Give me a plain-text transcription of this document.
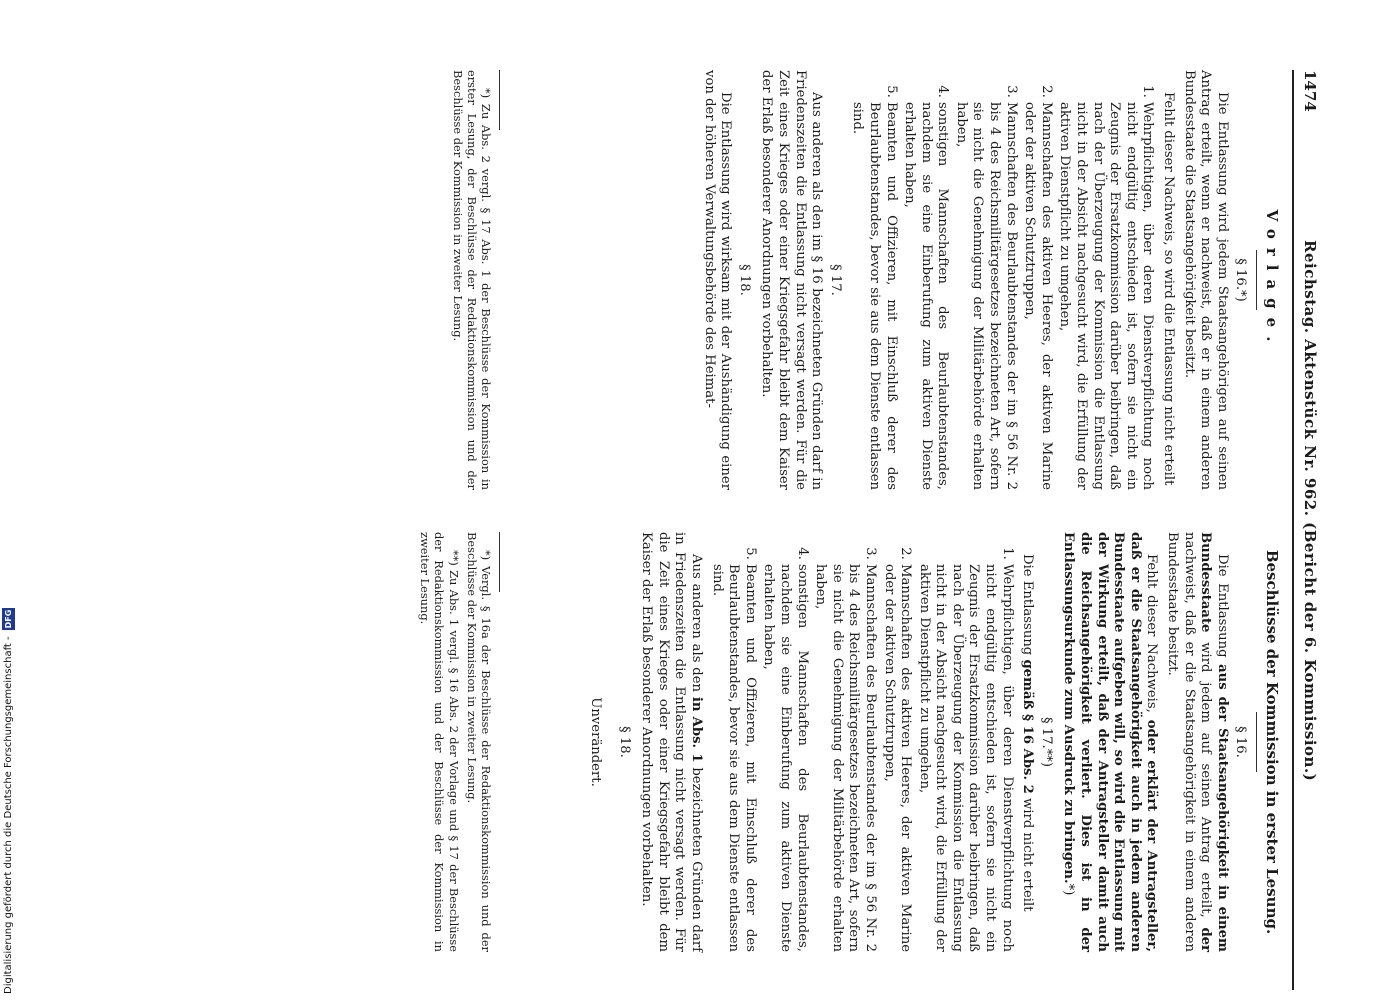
1474
Reichstag. Aktenstück Nr. 962. (Bericht der 6. Kommission.)
Vorlage.
§ 16.*)

Die Entlassung wird jedem Staatsangehörigen auf seinen Antrag erteilt, wenn er nachweist, daß er in einem anderen Bundesstaate die Staatsangehörigkeit besitzt.

Fehlt dieser Nachweis, so wird die Entlassung nicht erteilt

1. Wehrpflichtigen, über deren Dienstverpflichtung noch nicht endgültig entschieden ist, sofern sie nicht ein Zeugnis der Ersatzkommission darüber beibringen, daß nach der Überzeugung der Kommission die Entlassung nicht in der Absicht nachgesucht wird, die Erfüllung der aktiven Dienstpflicht zu umgehen,
2. Mannschaften des aktiven Heeres, der aktiven Marine oder der aktiven Schutztruppen,
3. Mannschaften des Beurlaubtenstandes der im § 56 Nr. 2 bis 4 des Reichsmilitärgesetzes bezeichneten Art, sofern sie nicht die Genehmigung der Militärbehörde erhalten haben,
4. sonstigen Mannschaften des Beurlaubtenstandes, nachdem sie eine Einberufung zum aktiven Dienste erhalten haben,
5. Beamten und Offizieren, mit Einschluß derer des Beurlaubtenstandes, bevor sie aus dem Dienste entlassen sind.
§ 17.

Aus anderen als den im § 16 bezeichneten Gründen darf in Friedenszeiten die Entlassung nicht versagt werden. Für die Zeit eines Krieges oder einer Kriegsgefahr bleibt dem Kaiser der Erlaß besonderer Anordnungen vorbehalten.

§ 18.

Die Entlassung wird wirksam mit der Aushändigung einer von der höheren Verwaltungsbehörde des Heimat-

*) Zu Abs. 2 vergl. § 17 Abs. 1 der Beschlüsse der Kommission in erster Lesung, der Beschlüsse der Redaktionskommission und der Beschlüsse der Kommission in zweiter Lesung.

Beschlüsse der Kommission in erster Lesung.
§ 16.

Die Entlassung aus der Staatsangehörigkeit in einem Bundesstaate wird jedem auf seinen Antrag erteilt, der nachweist, daß er die Staatsangehörigkeit in einem anderen Bundesstaate besitzt.

Fehlt dieser Nachweis, oder erklärt der Antragsteller, daß er die Staatsangehörigkeit auch in jedem anderen Bundesstaate aufgeben will, so wird die Entlassung mit der Wirkung erteilt, daß der Antragsteller damit auch die Reichsangehörigkeit verliert. Dies ist in der Entlassungsurkunde zum Ausdruck zu bringen.*)

§ 17.**)

Die Entlassung gemäß § 16 Abs. 2 wird nicht erteilt

1. Wehrpflichtigen, über deren Dienstverpflichtung noch nicht endgültig entschieden ist, sofern sie nicht ein Zeugnis der Ersatzkommission darüber beibringen, daß nach der Überzeugung der Kommission die Entlassung nicht in der Absicht nachgesucht wird, die Erfüllung der aktiven Dienstpflicht zu umgehen,
2. Mannschaften des aktiven Heeres, der aktiven Marine oder der aktiven Schutztruppen,
3. Mannschaften des Beurlaubtenstandes der im § 56 Nr. 2 bis 4 des Reichsmilitärgesetzes bezeichneten Art, sofern sie nicht die Genehmigung der Militärbehörde erhalten haben,
4. sonstigen Mannschaften des Beurlaubtenstandes, nachdem sie eine Einberufung zum aktiven Dienste erhalten haben,
5. Beamten und Offizieren, mit Einschluß derer des Beurlaubtenstandes, bevor sie aus dem Dienste entlassen sind.

Aus anderen als den in Abs. 1 bezeichneten Gründen darf in Friedenszeiten die Entlassung nicht versagt werden. Für die Zeit eines Krieges oder einer Kriegsgefahr bleibt dem Kaiser der Erlaß besonderer Anordnungen vorbehalten.

§ 18.
Unverändert.

*) Vergl. § 16a der Beschlüsse der Redaktionskommission und der Beschlüsse der Kommission in zweiter Lesung.

**) Zu Abs. 1 vergl. § 16 Abs. 2 der Vorlage und § 17 der Beschlüsse der Redaktionskommission und der Beschlüsse der Kommission in zweiter Lesung.

Digitalisierung gefördert durch die Deutsche Forschungsgemeinschaft -
DFG
